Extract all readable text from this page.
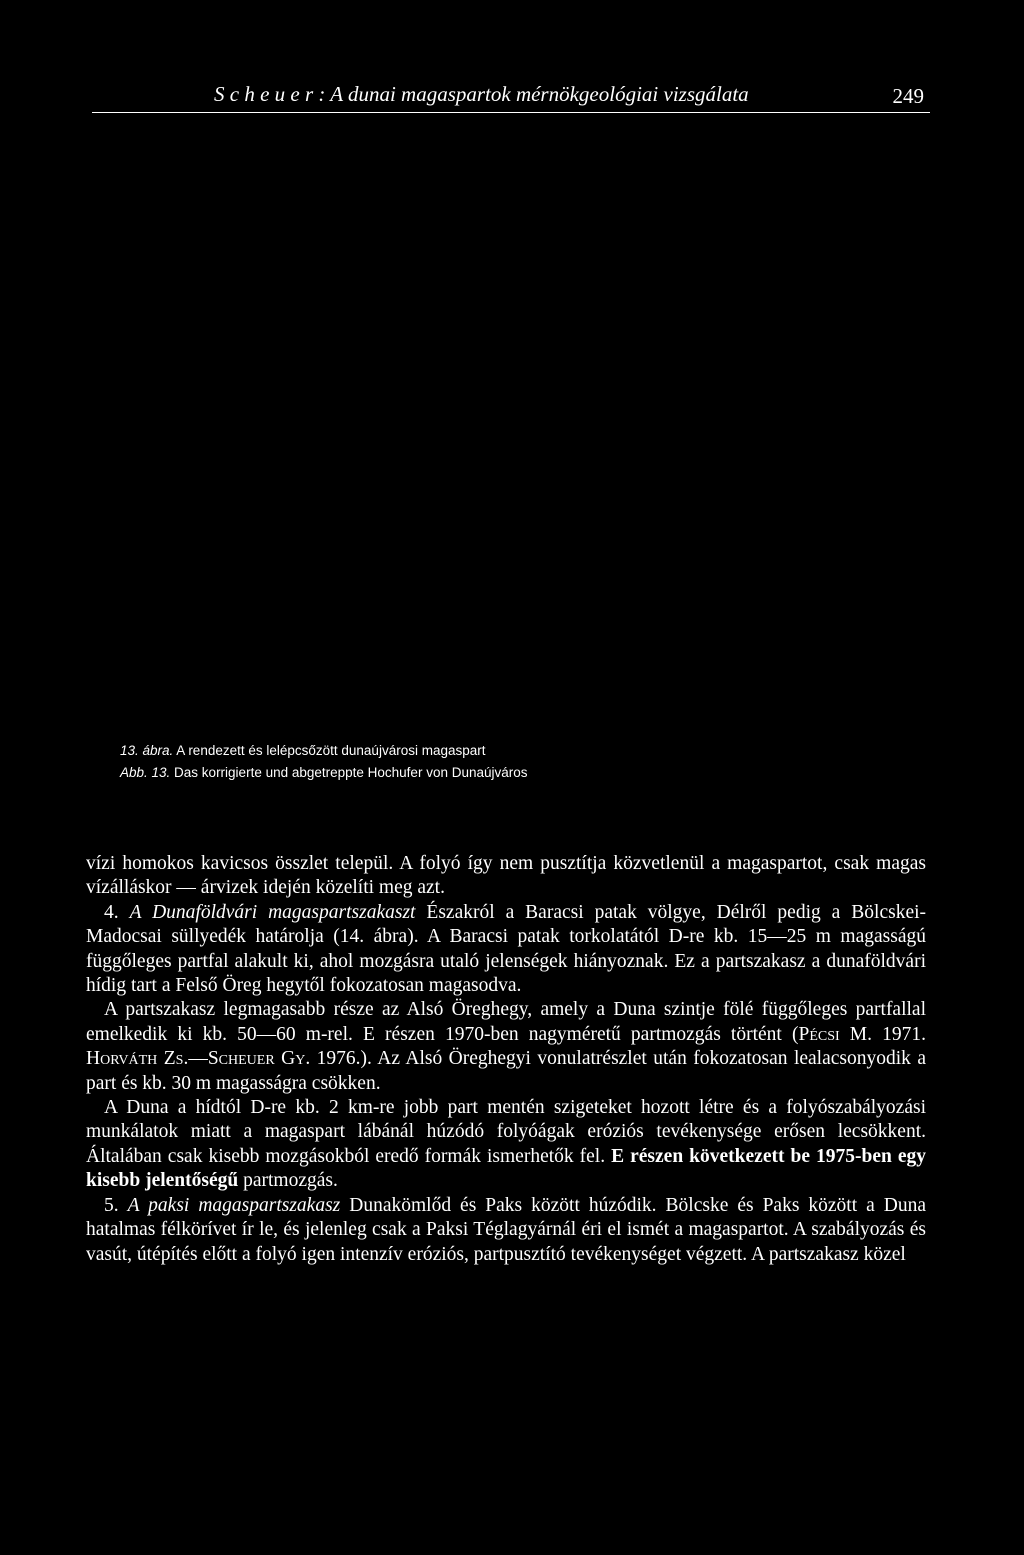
S c h e u e r : A dunai magaspartok mérnökgeológiai vizsgálata	249
13. ábra. A rendezett és lelépcsőzött dunaújvárosi magaspart
Abb. 13. Das korrigierte und abgetreppte Hochufer von Dunaújváros

vízi homokos kavicsos összlet települ. A folyó így nem pusztítja közvetlenül a magaspartot, csak magas vízálláskor — árvizek idején közelíti meg azt.

4. A Dunaföldvári magaspartszakaszt Északról a Baracsi patak völgye, Délről pedig a Bölcskei-Madocsai süllyedék határolja (14. ábra). A Baracsi patak torkolatától D-re kb. 15—25 m magasságú függőleges partfal alakult ki, ahol mozgásra utaló jelenségek hiányoznak. Ez a partszakasz a dunaföldvári hídig tart a Felső Öreg hegytől fokozatosan magasodva.

A partszakasz legmagasabb része az Alsó Öreghegy, amely a Duna szintje fölé függőleges partfallal emelkedik ki kb. 50—60 m-rel. E részen 1970-ben nagyméretű partmozgás történt (Pécsi M. 1971. Horváth Zs.—Scheuer Gy. 1976.). Az Alsó Öreghegyi vonulatrészlet után fokozatosan lealacsonyodik a part és kb. 30 m magasságra csökken.

A Duna a hídtól D-re kb. 2 km-re jobb part mentén szigeteket hozott létre és a folyószabályozási munkálatok miatt a magaspart lábánál húzódó folyóágak eróziós tevékenysége erősen lecsökkent. Általában csak kisebb mozgásokból eredő formák ismerhetők fel. E részen következett be 1975-ben egy kisebb jelentőségű partmozgás.

5. A paksi magaspartszakasz Dunakömlőd és Paks között húzódik. Bölcske és Paks között a Duna hatalmas félkörívet ír le, és jelenleg csak a Paksi Téglagyárnál éri el ismét a magaspartot. A szabályozás és vasút, útépítés előtt a folyó igen intenzív eróziós, partpusztító tevékenységet végzett. A partszakasz közel
